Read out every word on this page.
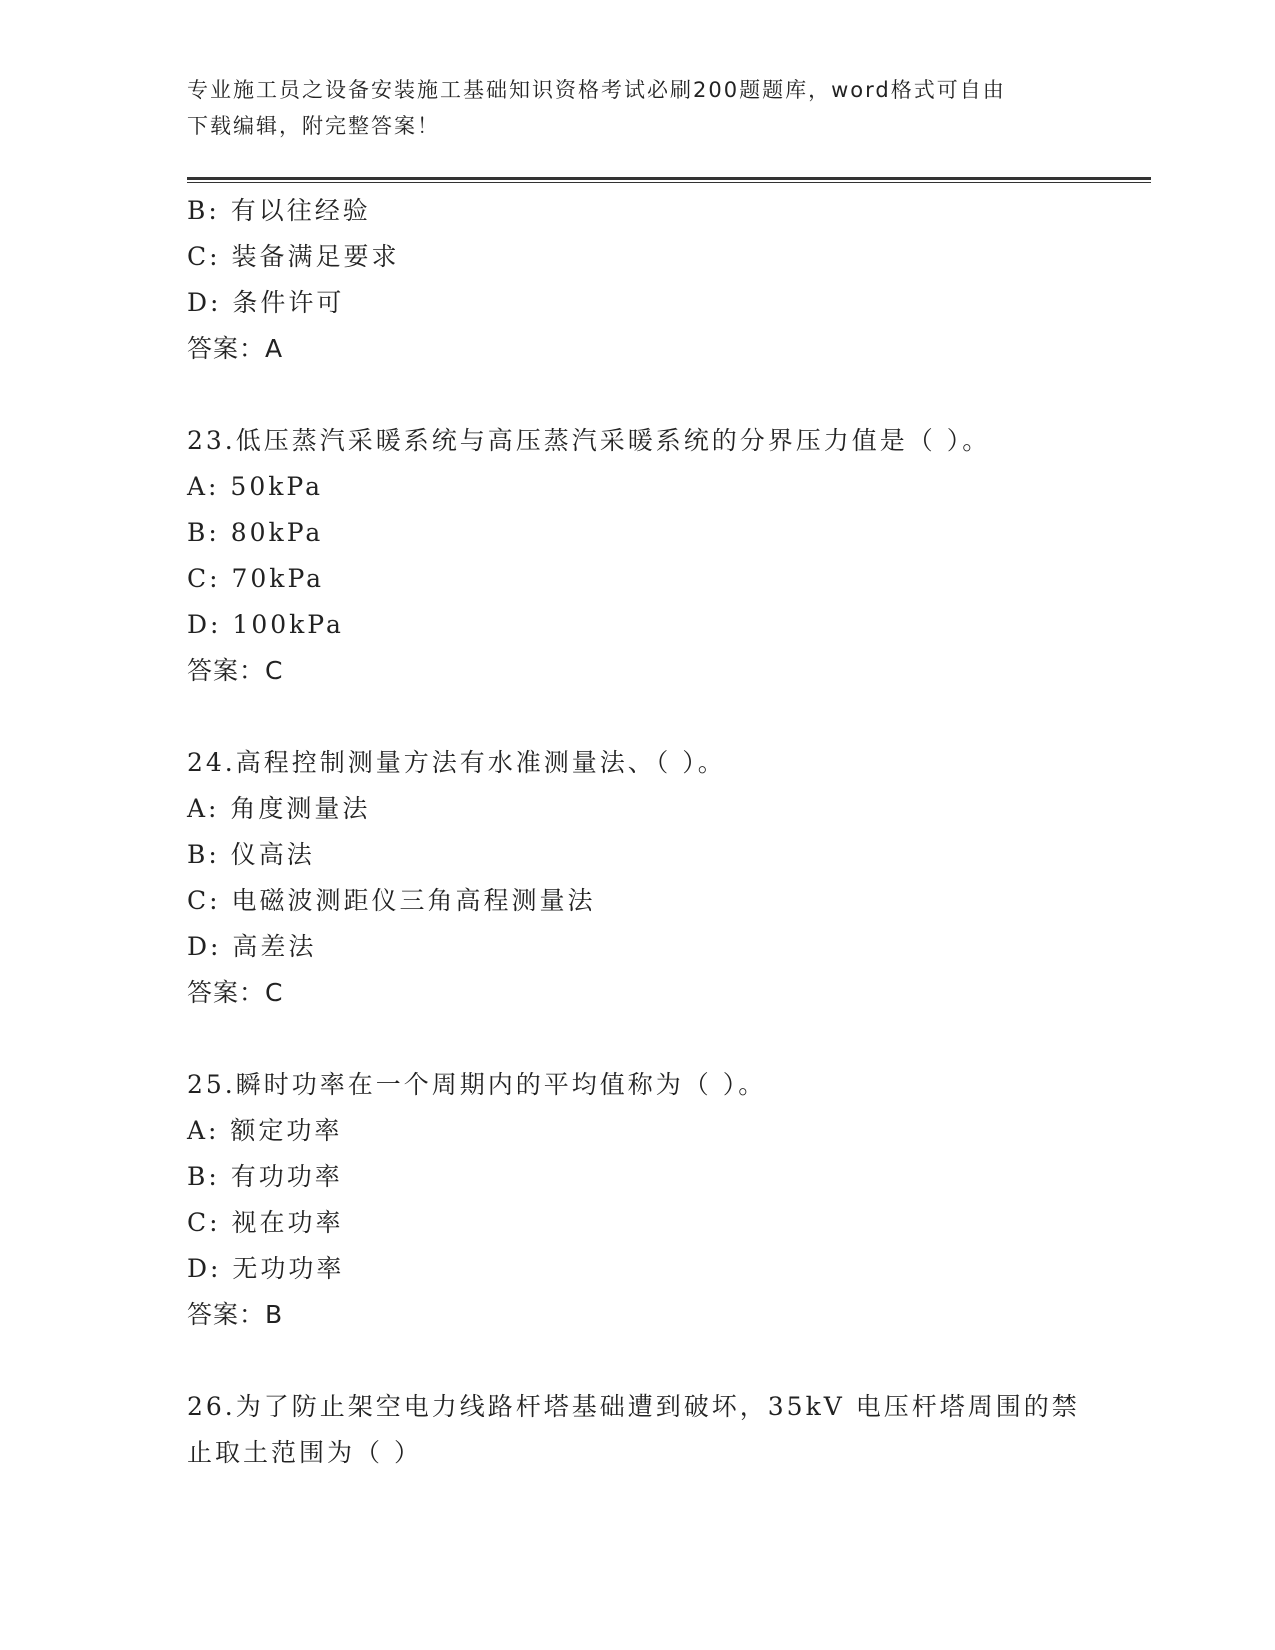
专业施工员之设备安装施工基础知识资格考试必刷200题题库，word格式可自由
下载编辑，附完整答案！
B: 有以往经验
C: 装备满足要求
D: 条件许可
答案：A
23.低压蒸汽采暖系统与高压蒸汽采暖系统的分界压力值是（ ）。
A: 50kPa
B: 80kPa
C: 70kPa
D: 100kPa
答案：C
24.高程控制测量方法有水准测量法、（ ）。
A: 角度测量法
B: 仪高法
C: 电磁波测距仪三角高程测量法
D: 高差法
答案：C
25.瞬时功率在一个周期内的平均值称为（ ）。
A: 额定功率
B: 有功功率
C: 视在功率
D: 无功功率
答案：B
26.为了防止架空电力线路杆塔基础遭到破坏，35kV 电压杆塔周围的禁
止取土范围为（ ）
